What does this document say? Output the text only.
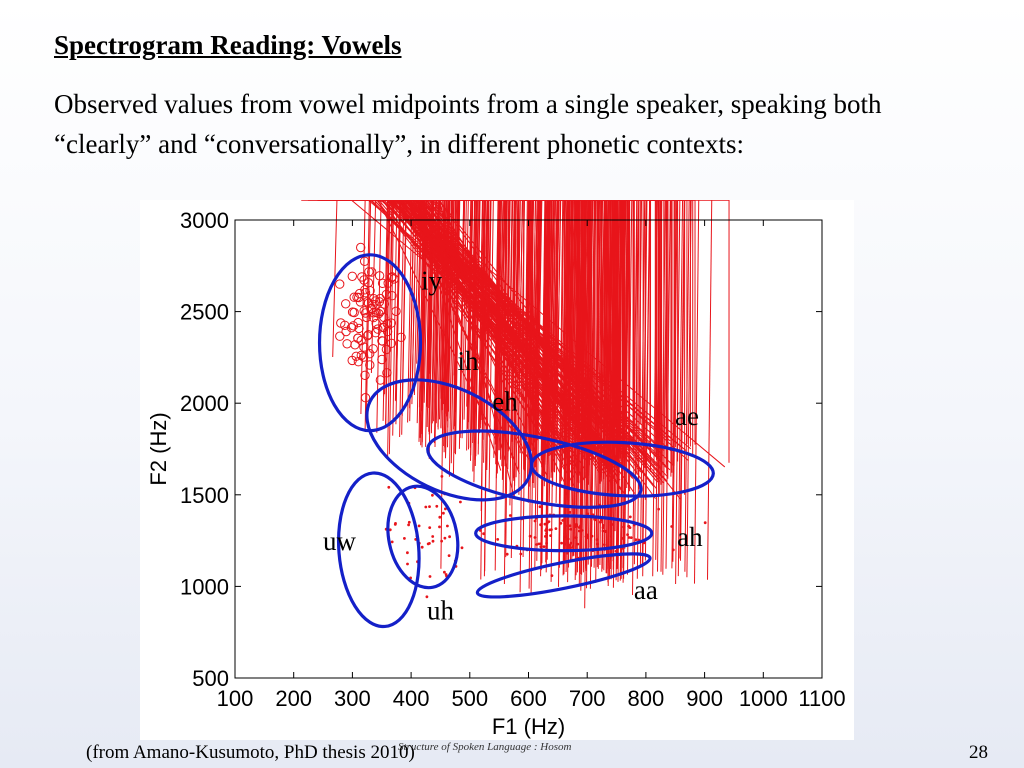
Spectrogram Reading: Vowels
Observed values from vowel midpoints from a single speaker, speaking both “clearly” and “conversationally”, in different phonetic contexts:
iy
ih
eh	ae
ah
aa
uw
uh
100 200 300 400 500 600 700 800 900 1000 1100
500
1000
1500
2000
2500
3000
F1 (Hz)
F2 (Hz)
Structure of Spoken Language : Hosom
(from Amano-Kusumoto, PhD thesis 2010)	28
